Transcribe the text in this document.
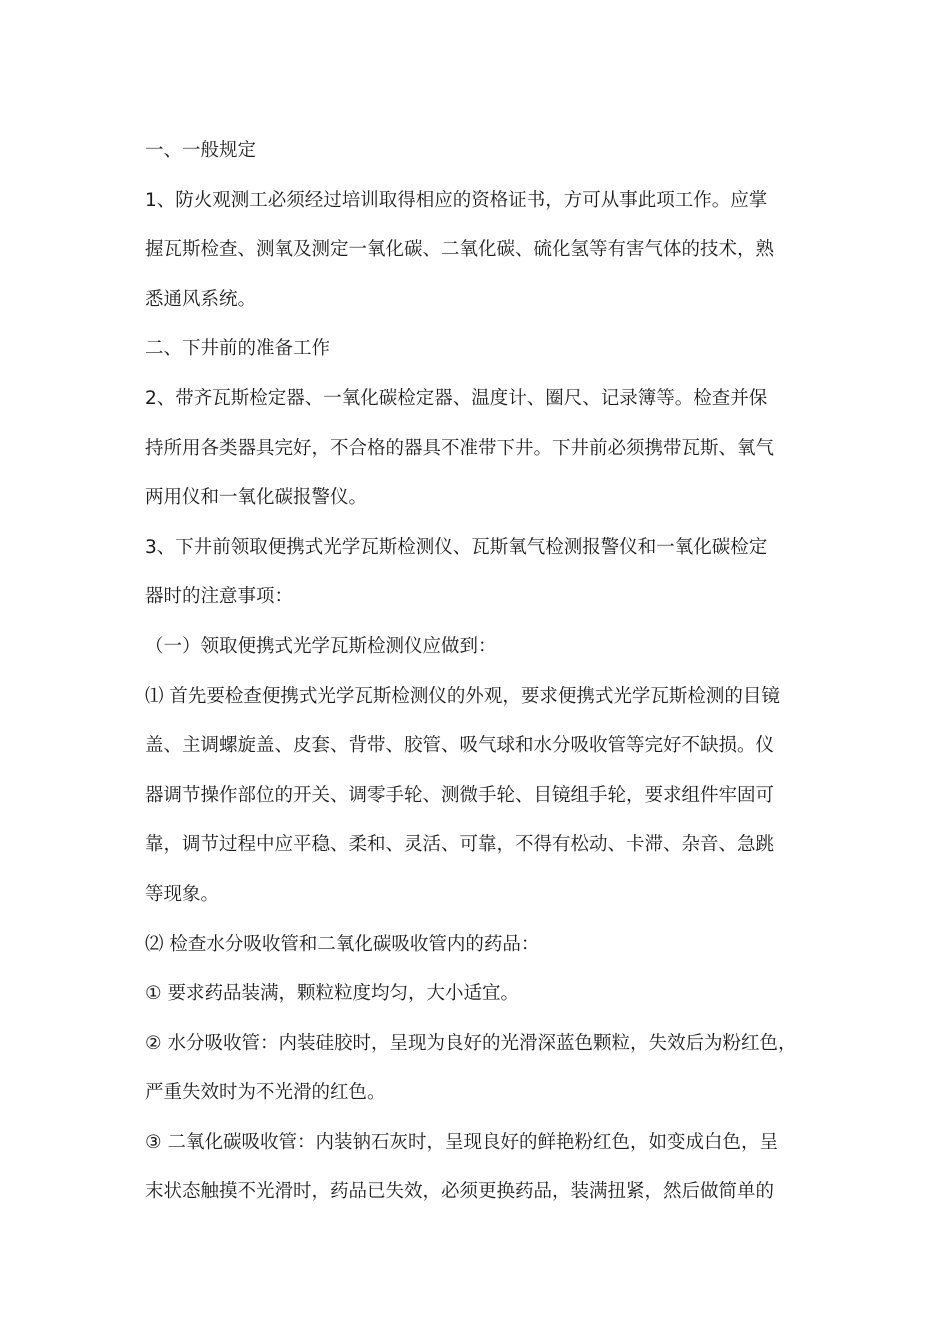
一、一般规定
1、防火观测工必须经过培训取得相应的资格证书，方可从事此项工作。应掌
握瓦斯检查、测氧及测定一氧化碳、二氧化碳、硫化氢等有害气体的技术，熟
悉通风系统。
二、下井前的准备工作
2、带齐瓦斯检定器、一氧化碳检定器、温度计、圈尺、记录簿等。检查并保
持所用各类器具完好，不合格的器具不准带下井。下井前必须携带瓦斯、氧气
两用仪和一氧化碳报警仪。
3、下井前领取便携式光学瓦斯检测仪、瓦斯氧气检测报警仪和一氧化碳检定
器时的注意事项：
（一）领取便携式光学瓦斯检测仪应做到：
⑴ 首先要检查便携式光学瓦斯检测仪的外观，要求便携式光学瓦斯检测的目镜
盖、主调螺旋盖、皮套、背带、胶管、吸气球和水分吸收管等完好不缺损。仪
器调节操作部位的开关、调零手轮、测微手轮、目镜组手轮，要求组件牢固可
靠，调节过程中应平稳、柔和、灵活、可靠，不得有松动、卡滞、杂音、急跳
等现象。
⑵ 检查水分吸收管和二氧化碳吸收管内的药品：
① 要求药品装满，颗粒粒度均匀，大小适宜。
② 水分吸收管：内装硅胶时，呈现为良好的光滑深蓝色颗粒，失效后为粉红色，
严重失效时为不光滑的红色。
③ 二氧化碳吸收管：内装钠石灰时，呈现良好的鲜艳粉红色，如变成白色，呈
末状态触摸不光滑时，药品已失效，必须更换药品，装满扭紧，然后做简单的
